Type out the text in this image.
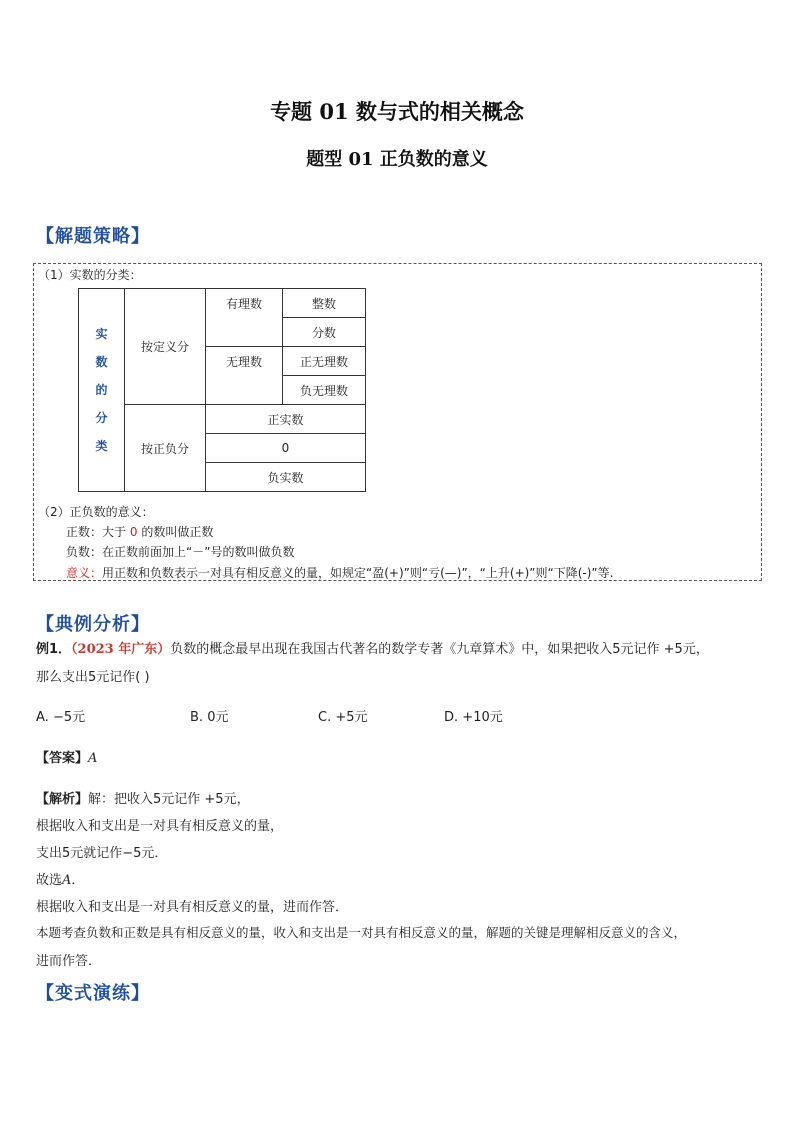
专题 01 数与式的相关概念
题型 01 正负数的意义
【解题策略】
（1）实数的分类：
实
数
的
分
类	按定义分	有理数	整数
			分数
		无理数	正无理数
			负无理数
	按正负分	正实数	
		0	
		负实数	
（2）正负数的意义：
正数：大于 0 的数叫做正数
负数：在正数前面加上“－”号的数叫做负数
意义：用正数和负数表示一对具有相反意义的量，如规定“盈(+)”则“亏(—)”，“上升(+)”则“下降(-)”等.
【典例分析】
例1．（2023 年广东）负数的概念最早出现在我国古代著名的数学专著《九章算术》中，如果把收入5元记作 +5元，
那么支出5元记作( )
A. −5元	B. 0元	C. +5元	D. +10元
【答案】A
【解析】解：把收入5元记作 +5元，
根据收入和支出是一对具有相反意义的量，
支出5元就记作−5元．
故选A．
根据收入和支出是一对具有相反意义的量，进而作答．
本题考查负数和正数是具有相反意义的量，收入和支出是一对具有相反意义的量，解题的关键是理解相反意义的含义，
进而作答．
【变式演练】
